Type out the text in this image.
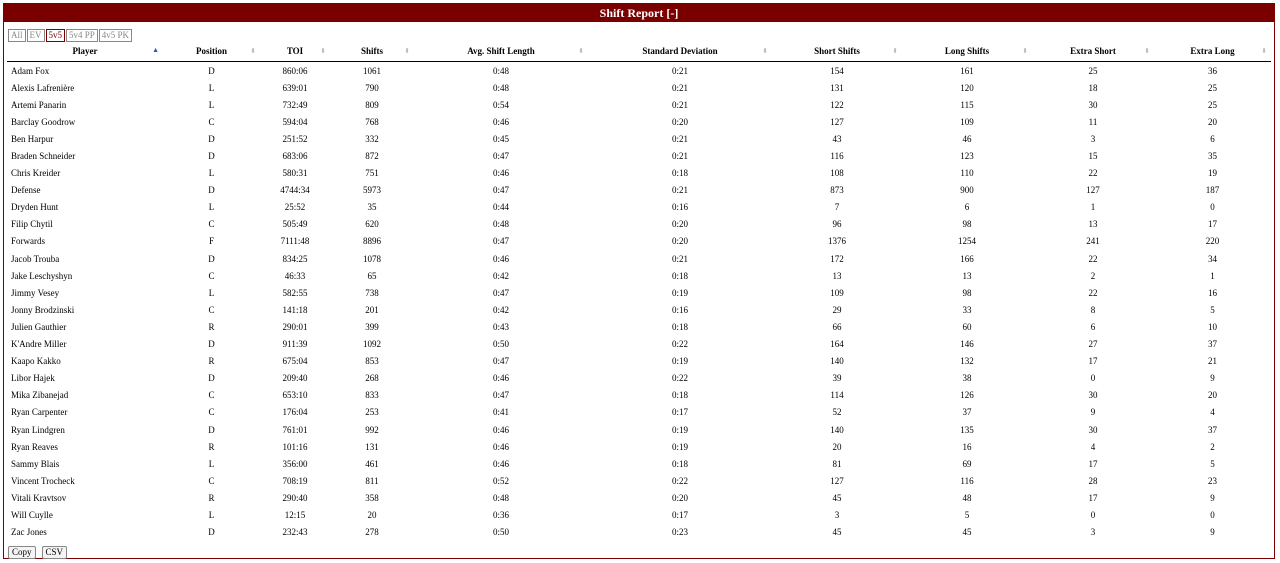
Shift Report [-]
All EV 5v5 5v4 PP 4v5 PK
Player ▲	Position ⬍	TOI ⬍	Shifts ⬍	Avg. Shift Length ⬍	Standard Deviation ⬍	Short Shifts ⬍	Long Shifts ⬍	Extra Short ⬍	Extra Long ⬍

Adam Fox	D	860:06	1061	0:48	0:21	154	161	25	36
Alexis Lafrenière	L	639:01	790	0:48	0:21	131	120	18	25
Artemi Panarin	L	732:49	809	0:54	0:21	122	115	30	25
Barclay Goodrow	C	594:04	768	0:46	0:20	127	109	11	20
Ben Harpur	D	251:52	332	0:45	0:21	43	46	3	6
Braden Schneider	D	683:06	872	0:47	0:21	116	123	15	35
Chris Kreider	L	580:31	751	0:46	0:18	108	110	22	19
Defense	D	4744:34	5973	0:47	0:21	873	900	127	187
Dryden Hunt	L	25:52	35	0:44	0:16	7	6	1	0
Filip Chytil	C	505:49	620	0:48	0:20	96	98	13	17
Forwards	F	7111:48	8896	0:47	0:20	1376	1254	241	220
Jacob Trouba	D	834:25	1078	0:46	0:21	172	166	22	34
Jake Leschyshyn	C	46:33	65	0:42	0:18	13	13	2	1
Jimmy Vesey	L	582:55	738	0:47	0:19	109	98	22	16
Jonny Brodzinski	C	141:18	201	0:42	0:16	29	33	8	5
Julien Gauthier	R	290:01	399	0:43	0:18	66	60	6	10
K'Andre Miller	D	911:39	1092	0:50	0:22	164	146	27	37
Kaapo Kakko	R	675:04	853	0:47	0:19	140	132	17	21
Libor Hajek	D	209:40	268	0:46	0:22	39	38	0	9
Mika Zibanejad	C	653:10	833	0:47	0:18	114	126	30	20
Ryan Carpenter	C	176:04	253	0:41	0:17	52	37	9	4
Ryan Lindgren	D	761:01	992	0:46	0:19	140	135	30	37
Ryan Reaves	R	101:16	131	0:46	0:19	20	16	4	2
Sammy Blais	L	356:00	461	0:46	0:18	81	69	17	5
Vincent Trocheck	C	708:19	811	0:52	0:22	127	116	28	23
Vitali Kravtsov	R	290:40	358	0:48	0:20	45	48	17	9
Will Cuylle	L	12:15	20	0:36	0:17	3	5	0	0
Zac Jones	D	232:43	278	0:50	0:23	45	45	3	9
Copy CSV
